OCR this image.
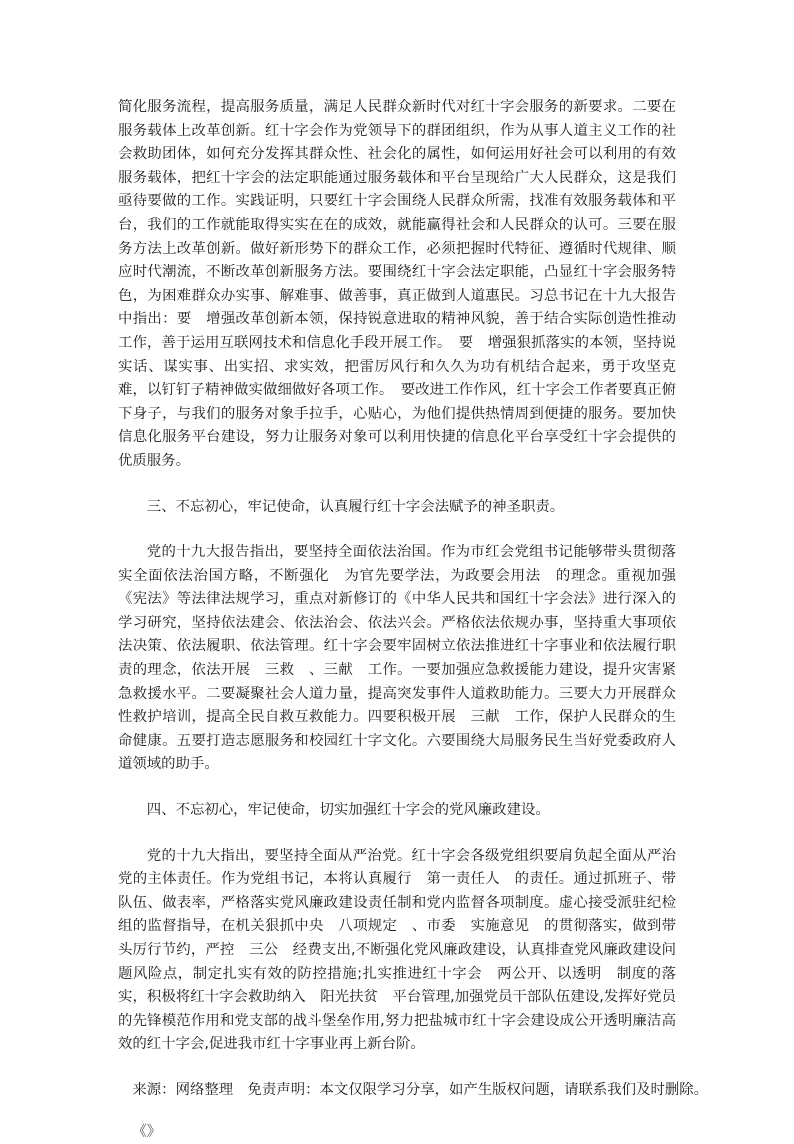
简化服务流程，提高服务质量，满足人民群众新时代对红十字会服务的新要求。二要在服务载体上改革创新。红十字会作为党领导下的群团组织，作为从事人道主义工作的社会救助团体，如何充分发挥其群众性、社会化的属性，如何运用好社会可以利用的有效服务载体，把红十字会的法定职能通过服务载体和平台呈现给广大人民群众，这是我们亟待要做的工作。实践证明，只要红十字会围绕人民群众所需，找准有效服务载体和平台，我们的工作就能取得实实在在的成效，就能赢得社会和人民群众的认可。三要在服务方法上改革创新。做好新形势下的群众工作，必须把握时代特征、遵循时代规律、顺应时代潮流，不断改革创新服务方法。要围绕红十字会法定职能，凸显红十字会服务特色，为困难群众办实事、解难事、做善事，真正做到人道惠民。习总书记在十九大报告中指出：要　增强改革创新本领，保持锐意进取的精神风貌，善于结合实际创造性推动工作，善于运用互联网技术和信息化手段开展工作。　要　增强狠抓落实的本领，坚持说实话、谋实事、出实招、求实效，把雷厉风行和久久为功有机结合起来，勇于攻坚克难，以钉钉子精神做实做细做好各项工作。　要改进工作作风，红十字会工作者要真正俯下身子，与我们的服务对象手拉手，心贴心，为他们提供热情周到便捷的服务。要加快信息化服务平台建设，努力让服务对象可以利用快捷的信息化平台享受红十字会提供的优质服务。

三、不忘初心，牢记使命，认真履行红十字会法赋予的神圣职责。

党的十九大报告指出，要坚持全面依法治国。作为市红会党组书记能够带头贯彻落实全面依法治国方略，不断强化　为官先要学法，为政要会用法　的理念。重视加强《宪法》等法律法规学习，重点对新修订的《中华人民共和国红十字会法》进行深入的学习研究，坚持依法建会、依法治会、依法兴会。严格依法依规办事，坚持重大事项依法决策、依法履职、依法管理。红十字会要牢固树立依法推进红十字事业和依法履行职责的理念，依法开展　三救　、三献　工作。一要加强应急救援能力建设，提升灾害紧急救援水平。二要凝聚社会人道力量，提高突发事件人道救助能力。三要大力开展群众性救护培训，提高全民自救互救能力。四要积极开展　三献　工作，保护人民群众的生命健康。五要打造志愿服务和校园红十字文化。六要围绕大局服务民生当好党委政府人道领域的助手。

四、不忘初心，牢记使命，切实加强红十字会的党风廉政建设。

党的十九大指出，要坚持全面从严治党。红十字会各级党组织要肩负起全面从严治党的主体责任。作为党组书记，本将认真履行　第一责任人　的责任。通过抓班子、带队伍、做表率，严格落实党风廉政建设责任制和党内监督各项制度。虚心接受派驻纪检组的监督指导，在机关狠抓中央　八项规定　、市委　实施意见　的贯彻落实，做到带头厉行节约，严控　三公　经费支出,不断强化党风廉政建设，认真排查党风廉政建设问题风险点，制定扎实有效的防控措施;扎实推进红十字会　两公开、以透明　制度的落实，积极将红十字会救助纳入　阳光扶贫　平台管理,加强党员干部队伍建设,发挥好党员的先锋模范作用和党支部的战斗堡垒作用,努力把盐城市红十字会建设成公开透明廉洁高效的红十字会,促进我市红十字事业再上新台阶。

来源：网络整理　免责声明：本文仅限学习分享，如产生版权问题，请联系我们及时删除。

《》
